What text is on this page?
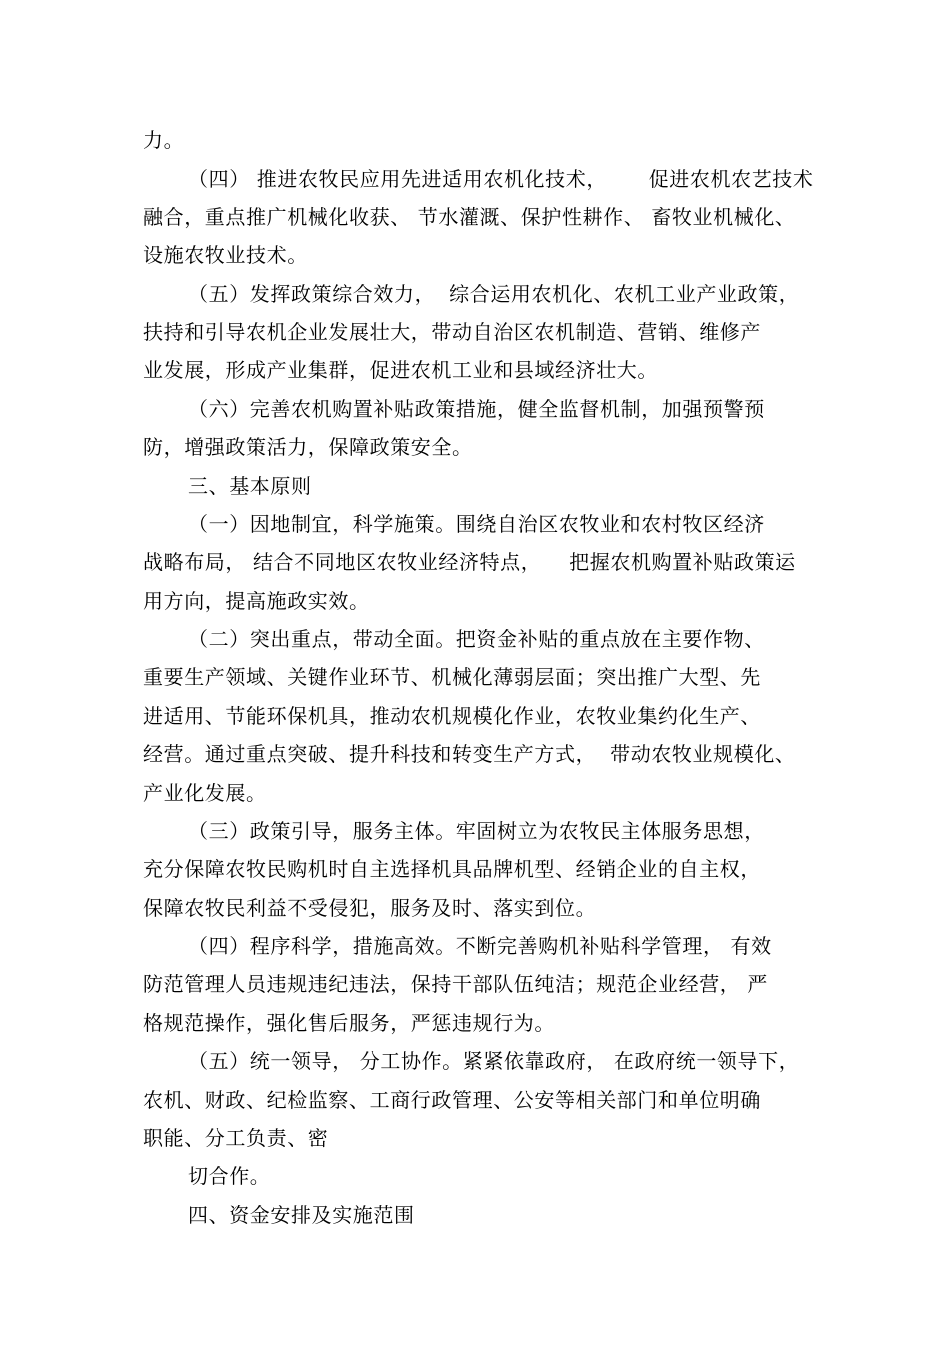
力。
（四） 推进农牧民应用先进适用农机化技术，      促进农机农艺技术
融合，重点推广机械化收获、 节水灌溉、保护性耕作、 畜牧业机械化、
设施农牧业技术。
（五）发挥政策综合效力，  综合运用农机化、农机工业产业政策，
扶持和引导农机企业发展壮大，带动自治区农机制造、营销、维修产
业发展，形成产业集群，促进农机工业和县域经济壮大。
（六）完善农机购置补贴政策措施，健全监督机制，加强预警预
防，增强政策活力，保障政策安全。
三、基本原则
（一）因地制宜，科学施策。围绕自治区农牧业和农村牧区经济
战略布局， 结合不同地区农牧业经济特点，    把握农机购置补贴政策运
用方向，提高施政实效。
（二）突出重点，带动全面。把资金补贴的重点放在主要作物、
重要生产领域、关键作业环节、机械化薄弱层面；突出推广大型、先
进适用、节能环保机具，推动农机规模化作业，农牧业集约化生产、
经营。通过重点突破、提升科技和转变生产方式，  带动农牧业规模化、
产业化发展。
（三）政策引导，服务主体。牢固树立为农牧民主体服务思想，
充分保障农牧民购机时自主选择机具品牌机型、经销企业的自主权，
保障农牧民利益不受侵犯，服务及时、落实到位。
（四）程序科学，措施高效。不断完善购机补贴科学管理， 有效
防范管理人员违规违纪违法，保持干部队伍纯洁；规范企业经营， 严
格规范操作，强化售后服务，严惩违规行为。
（五）统一领导， 分工协作。紧紧依靠政府， 在政府统一领导下，
农机、财政、纪检监察、工商行政管理、公安等相关部门和单位明确
职能、分工负责、密
切合作。
四、资金安排及实施范围
